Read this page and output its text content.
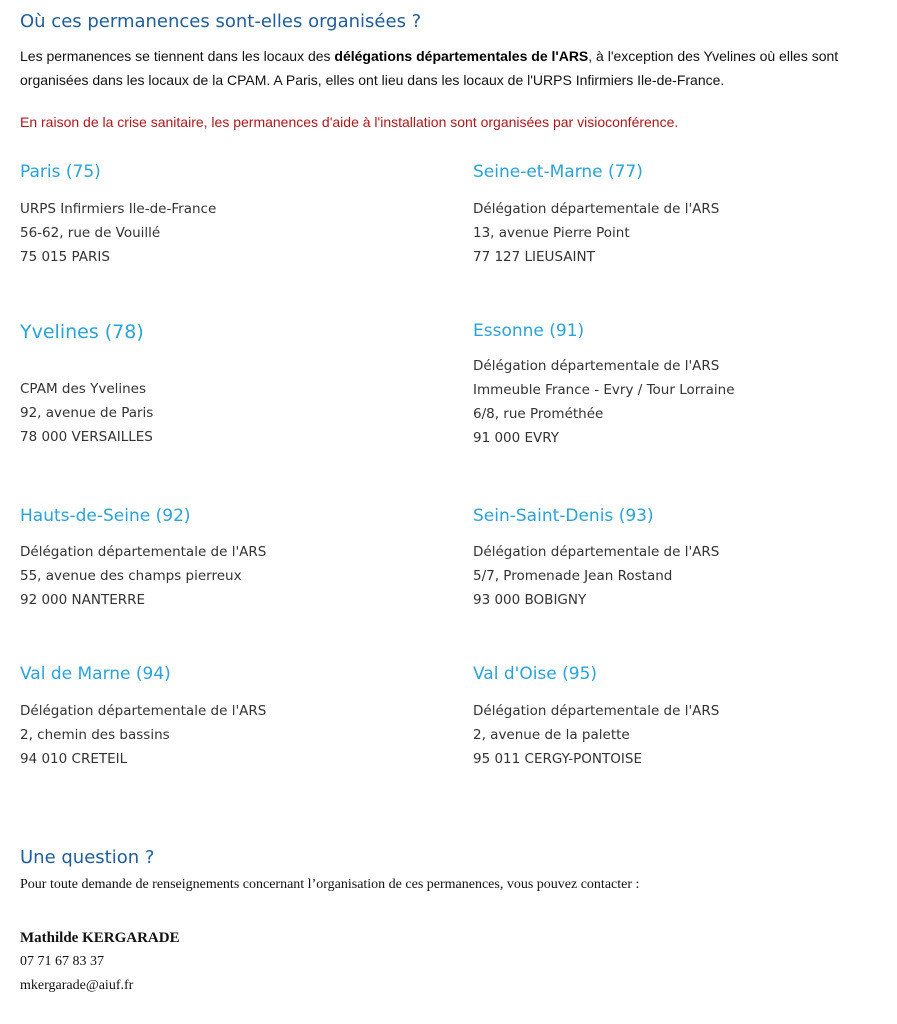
Où ces permanences sont-elles organisées ?

Les permanences se tiennent dans les locaux des délégations départementales de l'ARS, à l'exception des Yvelines où elles sont organisées dans les locaux de la CPAM. A Paris, elles ont lieu dans les locaux de l'URPS Infirmiers Ile-de-France.

En raison de la crise sanitaire, les permanences d'aide à l'installation sont organisées par visioconférence.

Paris (75)

URPS Infirmiers Ile-de-France
56-62, rue de Vouillé
75 015 PARIS

Seine-et-Marne (77)

Délégation départementale de l'ARS
13, avenue Pierre Point
77 127 LIEUSAINT

Yvelines (78)

CPAM des Yvelines
92, avenue de Paris
78 000 VERSAILLES

Essonne (91)

Délégation départementale de l'ARS
Immeuble France - Evry / Tour Lorraine
6/8, rue Prométhée
91 000 EVRY

Hauts-de-Seine (92)

Délégation départementale de l'ARS
55, avenue des champs pierreux
92 000 NANTERRE

Sein-Saint-Denis (93)

Délégation départementale de l'ARS
5/7, Promenade Jean Rostand
93 000 BOBIGNY

Val de Marne (94)

Délégation départementale de l'ARS
2, chemin des bassins
94 010 CRETEIL

Val d'Oise (95)

Délégation départementale de l'ARS
2, avenue de la palette
95 011 CERGY-PONTOISE

Une question ?

Pour toute demande de renseignements concernant l’organisation de ces permanences, vous pouvez contacter :

Mathilde KERGARADE
07 71 67 83 37
mkergarade@aiuf.fr
